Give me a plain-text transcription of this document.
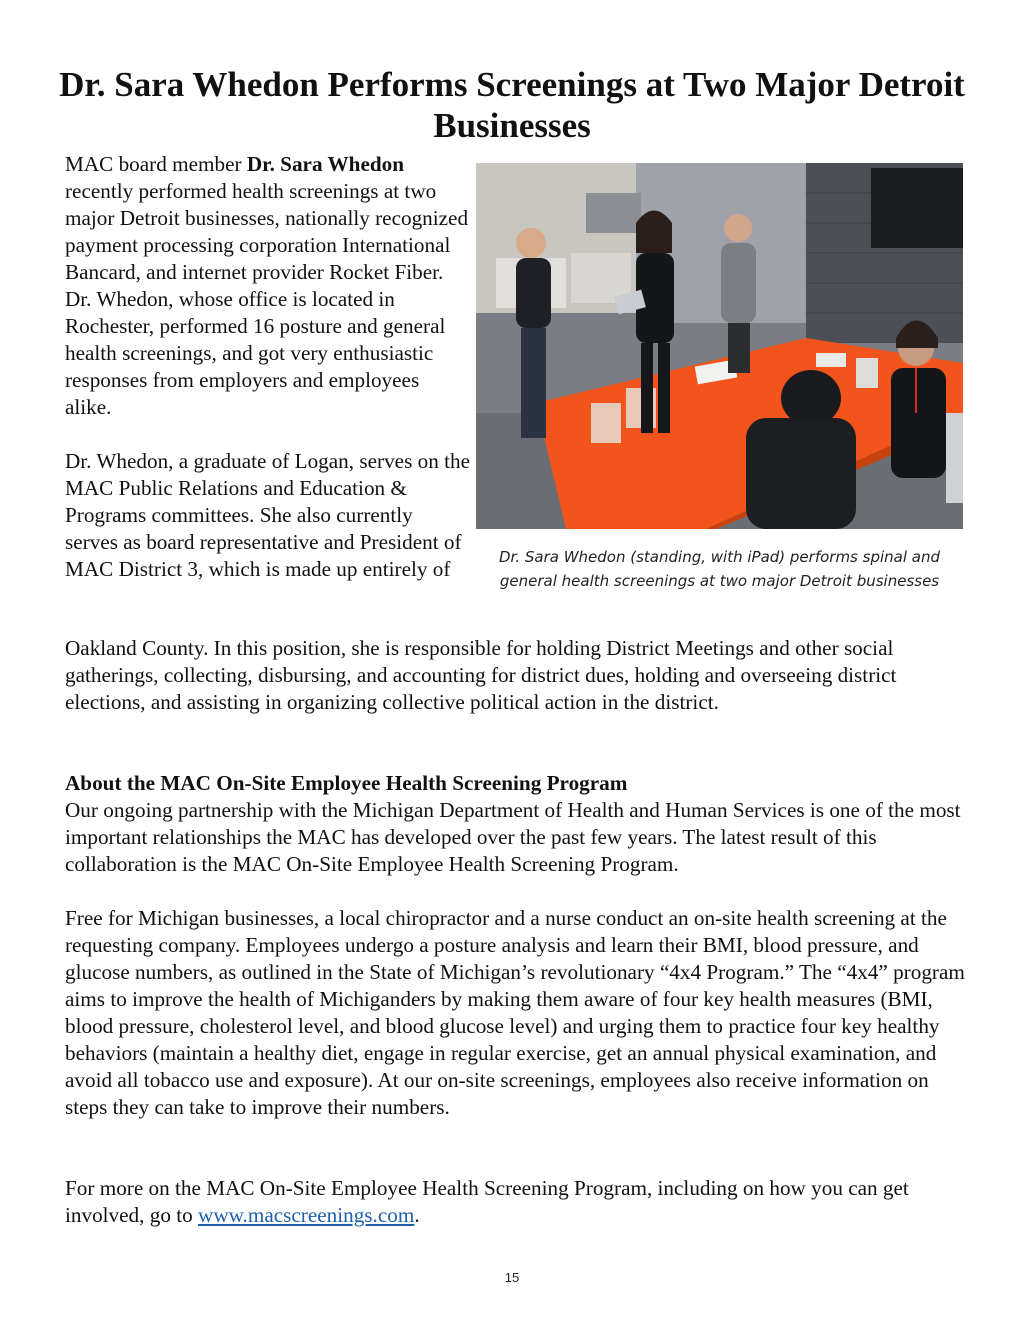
Dr. Sara Whedon Performs Screenings at Two Major Detroit Businesses

MAC board member Dr. Sara Whedon recently performed health screenings at two major Detroit businesses, nationally recognized payment processing corporation International Bancard, and internet provider Rocket Fiber. Dr. Whedon, whose office is located in Rochester, performed 16 posture and general health screenings, and got very enthusiastic responses from employers and employees alike.

Dr. Whedon, a graduate of Logan, serves on the MAC Public Relations and Education & Programs committees. She also currently serves as board representative and President of MAC District 3, which is made up entirely of	Dr. Sara Whedon (standing, with iPad) performs spinal and general health screenings at two major Detroit businesses

Oakland County. In this position, she is responsible for holding District Meetings and other social gatherings, collecting, disbursing, and accounting for district dues, holding and overseeing district elections, and assisting in organizing collective political action in the district.

About the MAC On-Site Employee Health Screening Program

Our ongoing partnership with the Michigan Department of Health and Human Services is one of the most important relationships the MAC has developed over the past few years. The latest result of this collaboration is the MAC On-Site Employee Health Screening Program.

Free for Michigan businesses, a local chiropractor and a nurse conduct an on-site health screening at the requesting company. Employees undergo a posture analysis and learn their BMI, blood pressure, and glucose numbers, as outlined in the State of Michigan’s revolutionary “4x4 Program.” The “4x4” program aims to improve the health of Michiganders by making them aware of four key health measures (BMI, blood pressure, cholesterol level, and blood glucose level) and urging them to practice four key healthy behaviors (maintain a healthy diet, engage in regular exercise, get an annual physical examination, and avoid all tobacco use and exposure). At our on-site screenings, employees also receive information on steps they can take to improve their numbers.

For more on the MAC On-Site Employee Health Screening Program, including on how you can get involved, go to www.macscreenings.com.

15
